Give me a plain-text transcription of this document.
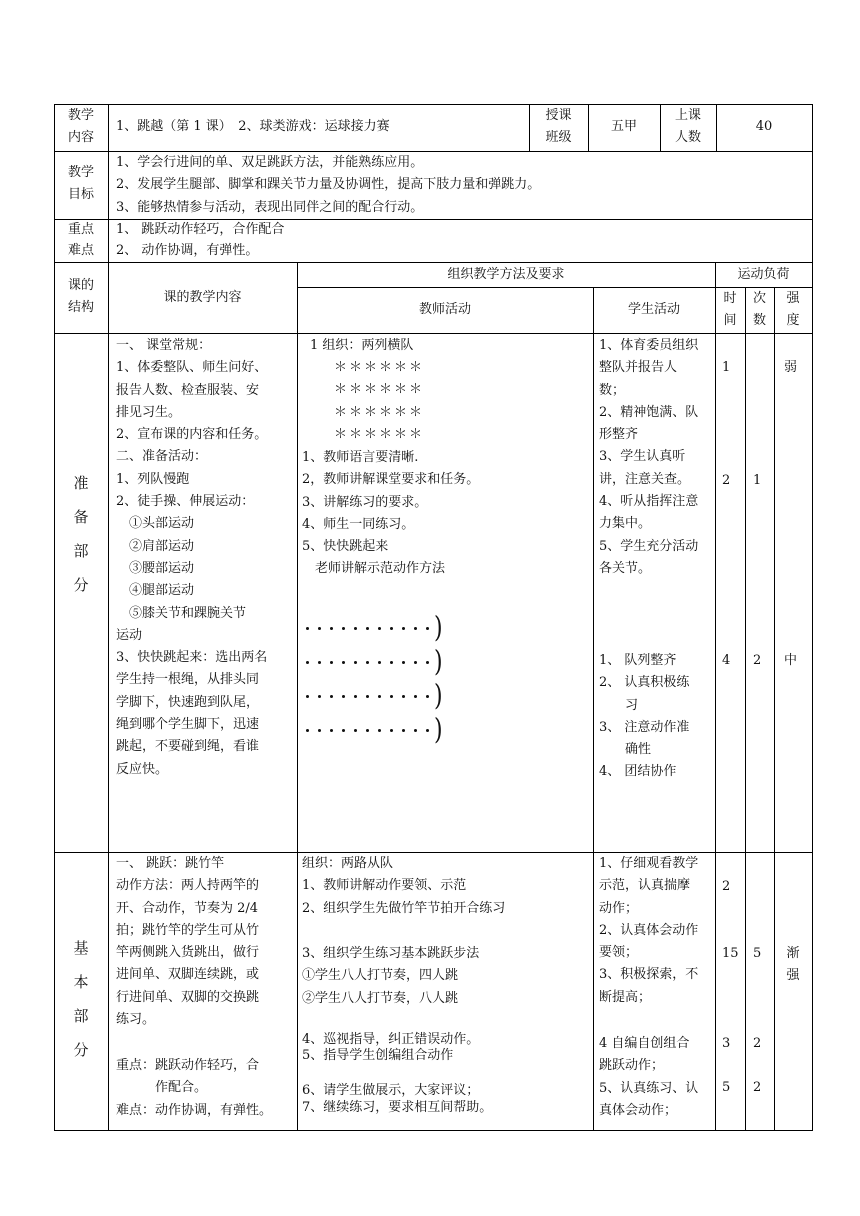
教学
内容
1、跳越（第 1 课）　2、球类游戏：运球接力赛
授课
班级
五甲
上课
人数
40
教学
目标
1、学会行进间的单、双足跳跃方法，并能熟练应用。
2、发展学生腿部、脚掌和踝关节力量及协调性，提高下肢力量和弹跳力。
3、能够热情参与活动，表现出同伴之间的配合行动。
重点
难点
1、 跳跃动作轻巧，合作配合
2、 动作协调，有弹性。
课的
结构
课的教学内容
组织教学方法及要求
教师活动	学生活动
运动负荷
时
间
次
数
强
度
准
备
部
分
一、 课堂常规：
1、体委整队、师生问好、
报告人数、检查服装、安
排见习生。
2、宣布课的内容和任务。
二、准备活动：
1、列队慢跑
2、徒手操、伸展运动：
　①头部运动
　②肩部运动
　③腰部运动
　④腿部运动
　⑤膝关节和踝腕关节
运动
3、快快跳起来：选出两名
学生持一根绳，从排头同
学脚下，快速跑到队尾，
绳到哪个学生脚下，迅速
跳起，不要碰到绳，看谁
反应快。
1 组织：两列横队
＊＊＊＊＊＊
＊＊＊＊＊＊
＊＊＊＊＊＊
＊＊＊＊＊＊
1、教师语言要清晰.
2，教师讲解课堂要求和任务。
3、讲解练习的要求。
4、师生一同练习。
5、快快跳起来
　老师讲解示范动作方法
)
)
)
)
1、体育委员组织
整队并报告人
数；
2、精神饱满、队
形整齐
3、学生认真听
讲，注意关查。
4、听从指挥注意
力集中。
5、学生充分活动
各关节。
1、 队列整齐
2、 认真积极练
　　习
3、 注意动作准
　　确性
4、 团结协作
1
2
4
1
2
弱
中
基
本
部
分
一、 跳跃：跳竹竿
动作方法：两人持两竿的
开、合动作，节奏为 2/4
拍；跳竹竿的学生可从竹
竿两侧跳入货跳出，做行
进间单、双脚连续跳，或
行进间单、双脚的交换跳
练习。
重点：跳跃动作轻巧，合
　　　作配合。
难点：动作协调，有弹性。
组织：两路从队
1、教师讲解动作要领、示范
2、组织学生先做竹竿节拍开合练习
3、组织学生练习基本跳跃步法
①学生八人打节奏，四人跳
②学生八人打节奏，八人跳
4、巡视指导，纠正错误动作。
5、指导学生创编组合动作
6、请学生做展示，大家评议；
7、继续练习，要求相互间帮助。
1、仔细观看教学
示范，认真揣摩
动作；
2、认真体会动作
要领；
3、积极探索，不
断提高；
4 自编自创组合
跳跃动作；
5、认真练习、认
真体会动作；
2
15
3
5
5
2
2
渐
强
